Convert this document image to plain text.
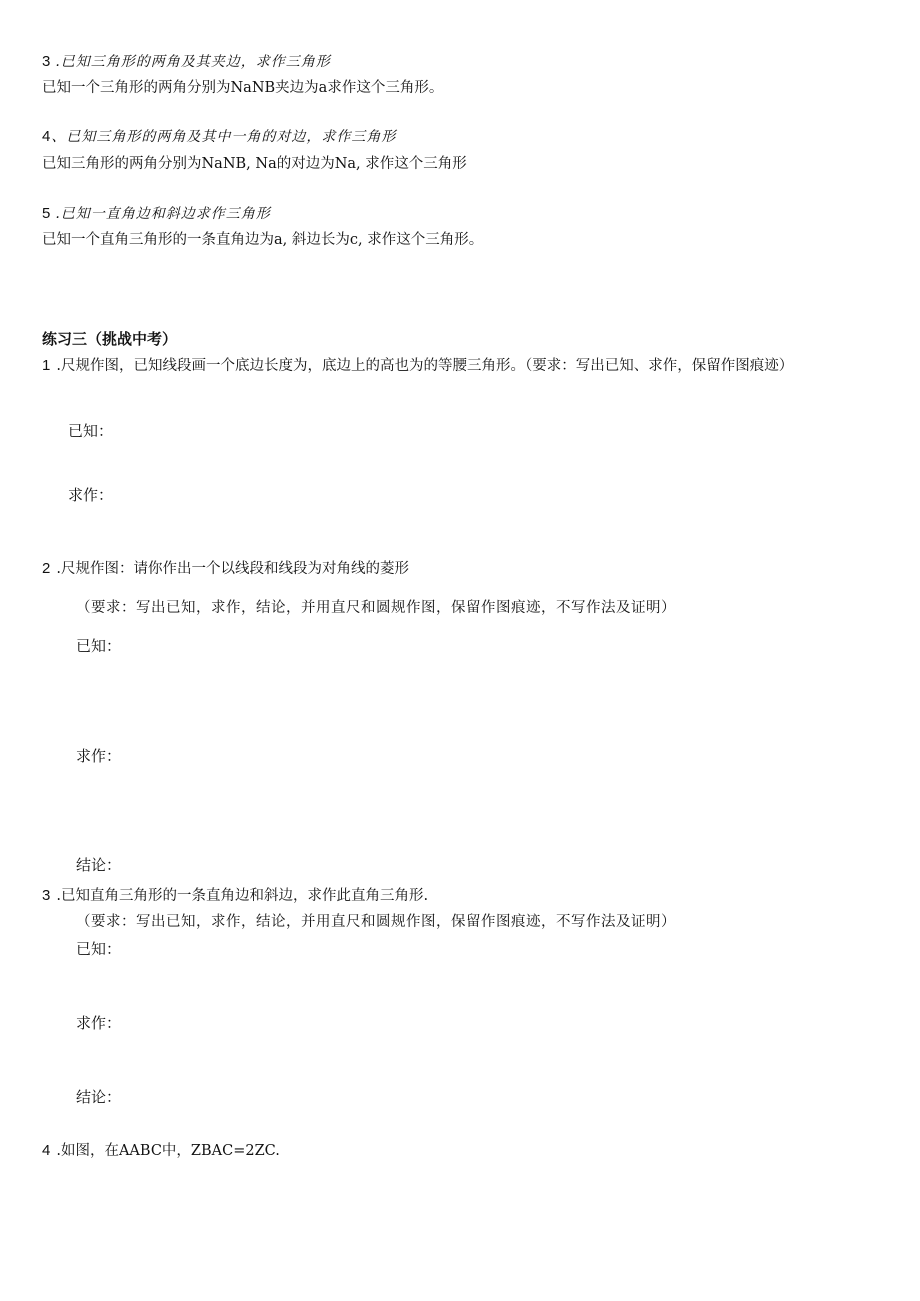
3 .已知三角形的两角及其夹边，求作三角形
已知一个三角形的两角分别为NaNB夹边为a求作这个三角形。
4、已知三角形的两角及其中一角的对边，求作三角形
已知三角形的两角分别为NaNB, Na的对边为Na, 求作这个三角形
5 .已知一直角边和斜边求作三角形
已知一个直角三角形的一条直角边为a, 斜边长为c, 求作这个三角形。
练习三（挑战中考）
1 .尺规作图，已知线段画一个底边长度为，底边上的高也为的等腰三角形。（要求：写出已知、求作，保留作图痕迹）
已知：
求作：
2 .尺规作图：请你作出一个以线段和线段为对角线的菱形
（要求：写出已知，求作，结论，并用直尺和圆规作图，保留作图痕迹，不写作法及证明）
已知：
求作：
结论：
3 .已知直角三角形的一条直角边和斜边，求作此直角三角形.
（要求：写出已知，求作，结论，并用直尺和圆规作图，保留作图痕迹，不写作法及证明）
已知：
求作：
结论：
4 .如图，在AABC中，ZBAC=2ZC.
